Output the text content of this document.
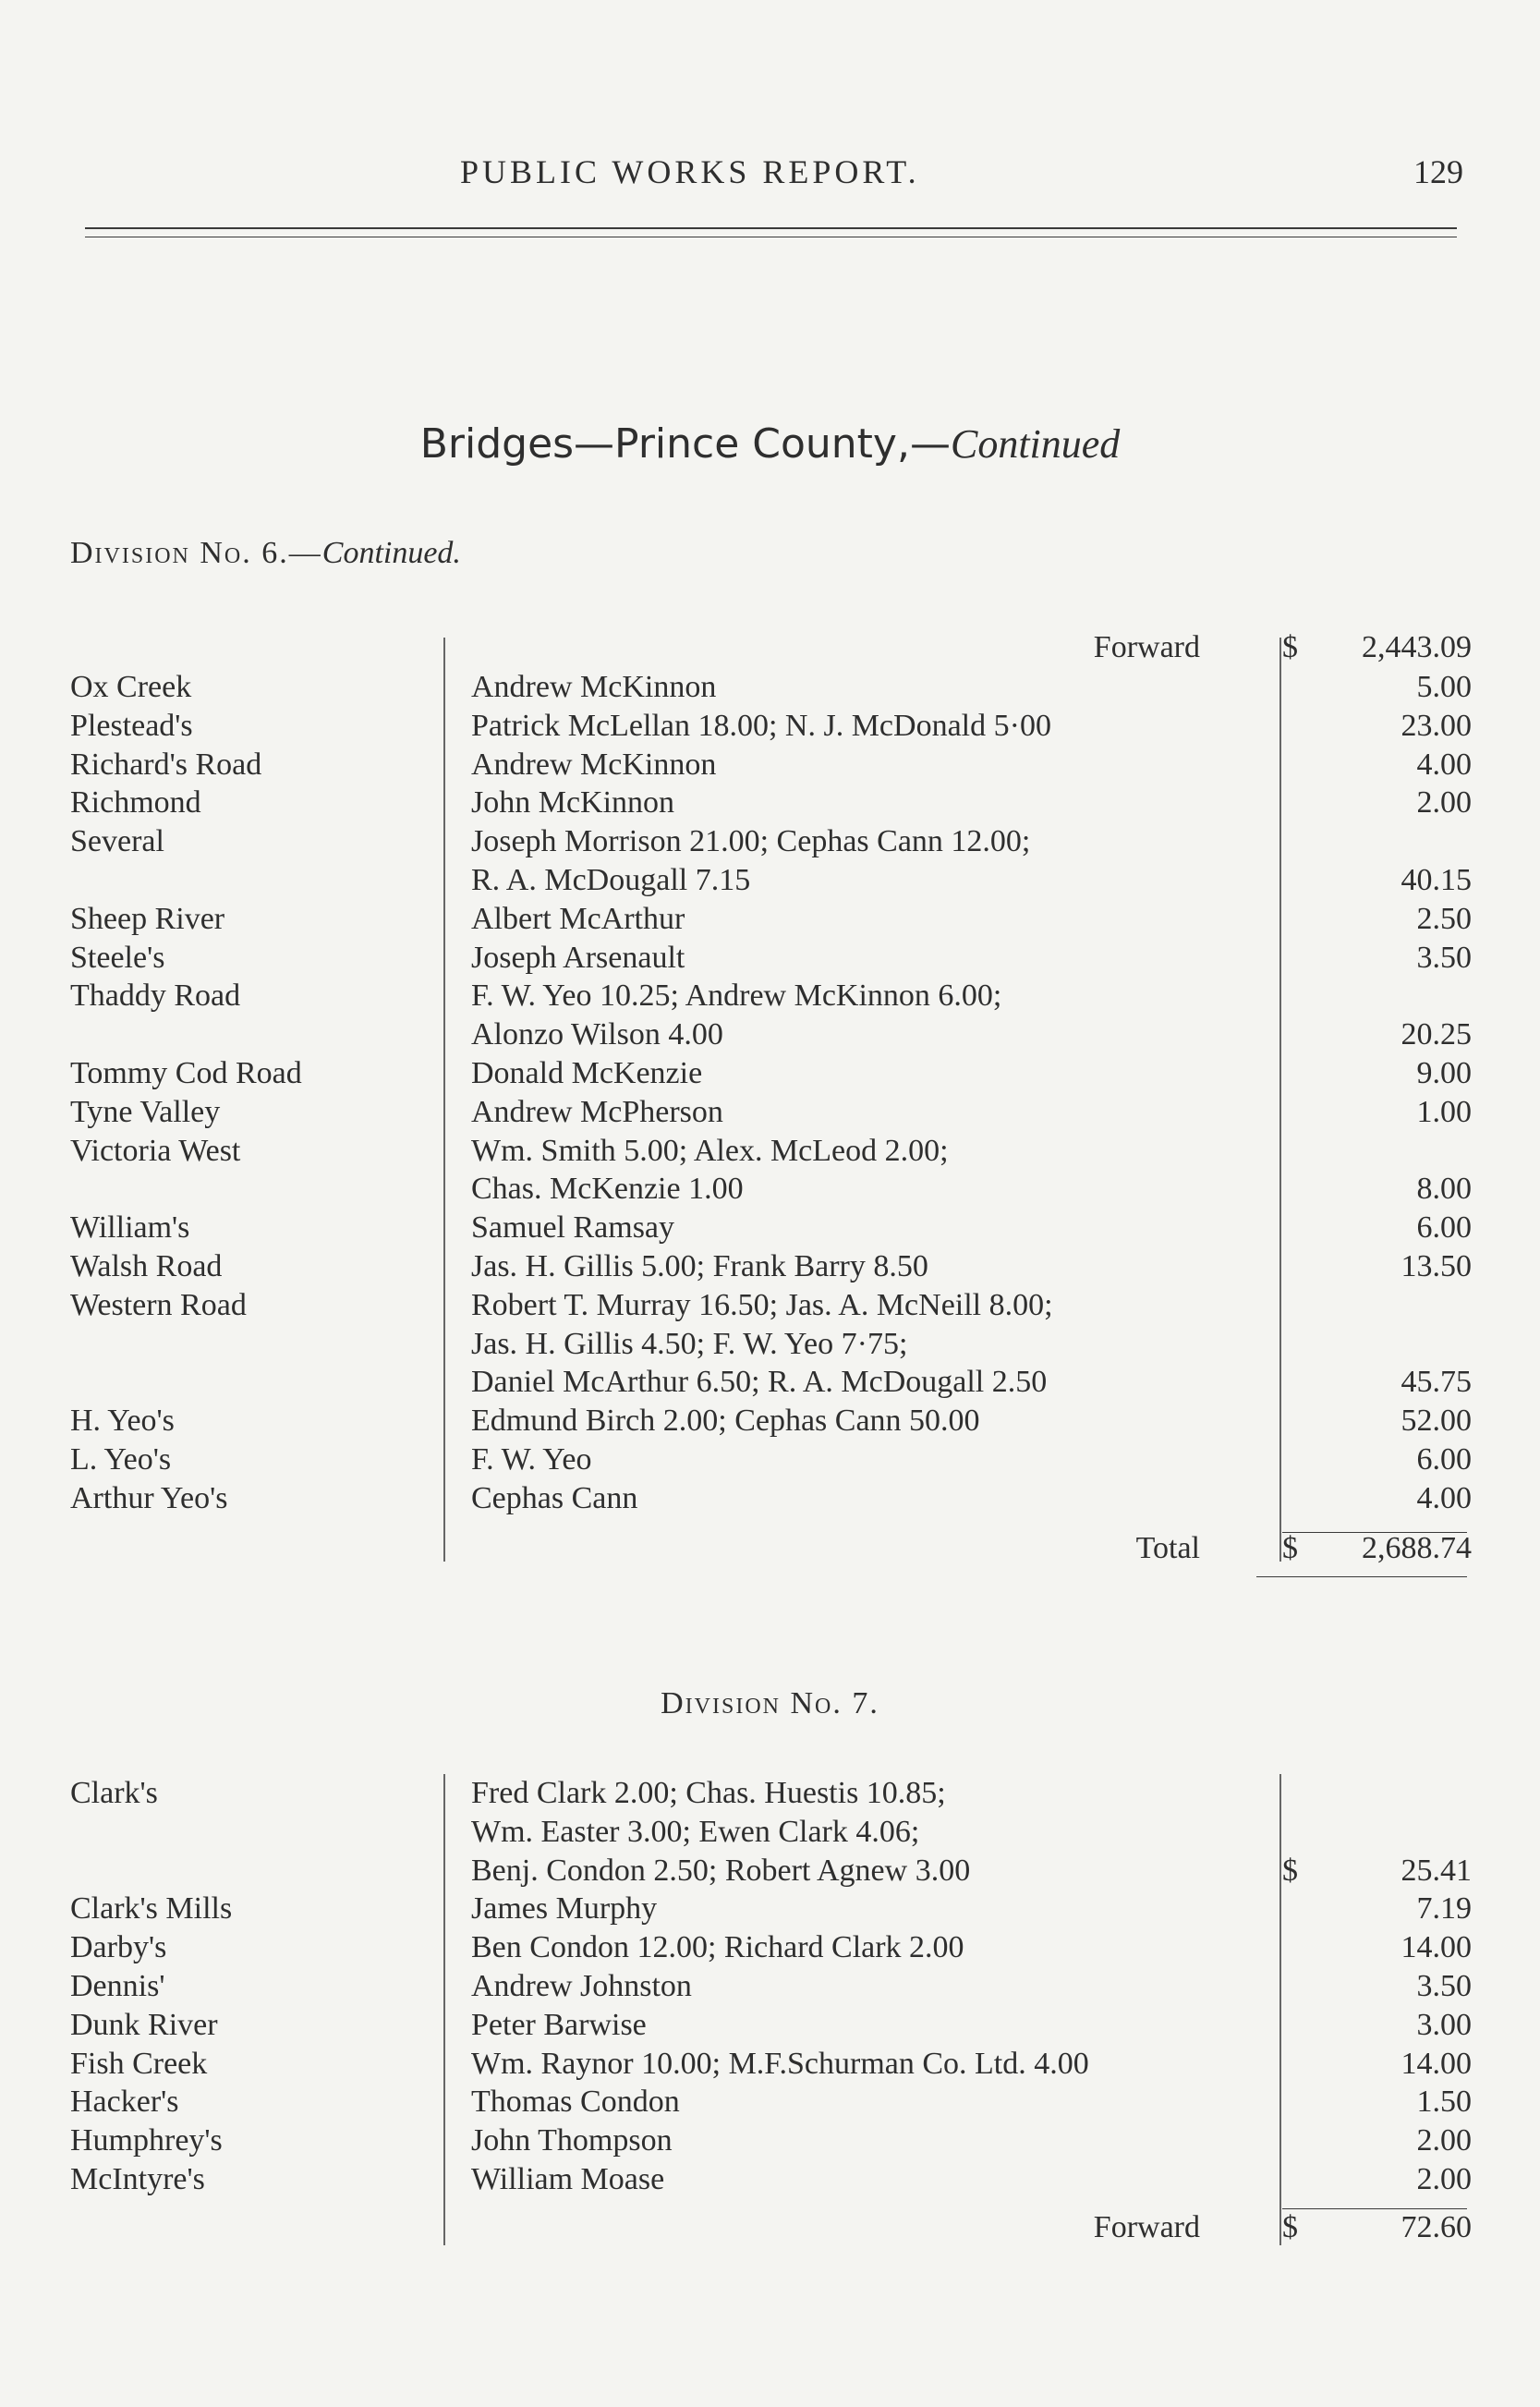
PUBLIC WORKS REPORT.	129
Bridges—Prince County,—Continued
Division No. 6.—Continued.
Forward	$ 2,443.09
Ox Creek	Andrew McKinnon	5.00
Plestead's	Patrick McLellan 18.00; N. J. McDonald 5·00	23.00
Richard's Road	Andrew McKinnon	4.00
Richmond	John McKinnon	2.00
Several	Joseph Morrison 21.00; Cephas Cann 12.00;
R. A. McDougall 7.15	40.15
Sheep River	Albert McArthur	2.50
Steele's	Joseph Arsenault	3.50
Thaddy Road	F. W. Yeo 10.25; Andrew McKinnon 6.00;
Alonzo Wilson 4.00	20.25
Tommy Cod Road	Donald McKenzie	9.00
Tyne Valley	Andrew McPherson	1.00
Victoria West	Wm. Smith 5.00; Alex. McLeod 2.00;
Chas. McKenzie 1.00	8.00
William's	Samuel Ramsay	6.00
Walsh Road	Jas. H. Gillis 5.00; Frank Barry 8.50	13.50
Western Road	Robert T. Murray 16.50; Jas. A. McNeill 8.00;
Jas. H. Gillis 4.50; F. W. Yeo 7·75;
Daniel McArthur 6.50; R. A. McDougall 2.50	45.75
H. Yeo's	Edmund Birch 2.00; Cephas Cann 50.00	52.00
L. Yeo's	F. W. Yeo	6.00
Arthur Yeo's	Cephas Cann	4.00
Total	$ 2,688.74
Division No. 7.
Clark's	Fred Clark 2.00; Chas. Huestis 10.85;
Wm. Easter 3.00; Ewen Clark 4.06;
Benj. Condon 2.50; Robert Agnew 3.00	$	25.41
Clark's Mills	James Murphy	7.19
Darby's	Ben Condon 12.00; Richard Clark 2.00	14.00
Dennis'	Andrew Johnston	3.50
Dunk River	Peter Barwise	3.00
Fish Creek	Wm. Raynor 10.00; M.F.Schurman Co. Ltd. 4.00	14.00
Hacker's	Thomas Condon	1.50
Humphrey's	John Thompson	2.00
McIntyre's	William Moase	2.00
Forward	$	72.60
